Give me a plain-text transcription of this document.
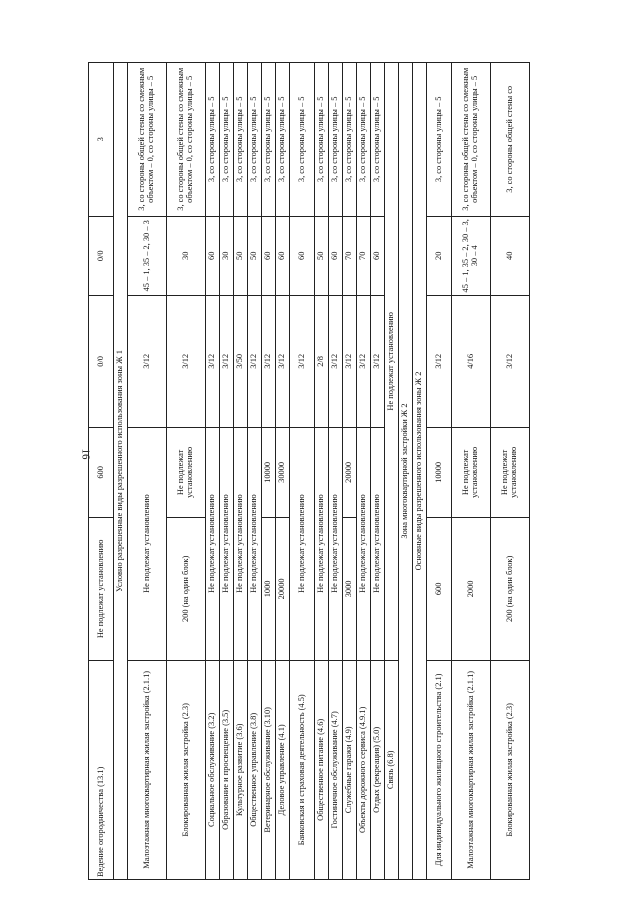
16
Ведение огородничества (13.1)	Не подлежат установлению	600	0/0	0/0	3
Условно разрешенные виды разрешенного использования зоны Ж 1					
Малоэтажная многоквартирная жилая застройка (2.1.1)	Не подлежат установлению		3/12	45 – 1, 35 – 2, 30 – 3	3, со стороны общей стены со смежным объектом – 0, со стороны улицы – 5
Блокированная жилая застройка (2.3)	200 (на один блок)	Не подлежат установлению	3/12	30	3, со стороны общей стены со смежным объектом – 0, со стороны улицы – 5
Социальное обслуживание (3.2)	Не подлежат установлению		3/12	60	3, со стороны улицы – 5
Образование и просвещение (3.5)	Не подлежат установлению		3/12	30	3, со стороны улицы – 5
Культурное развитие (3.6)	Не подлежат установлению		3/50	50	3, со стороны улицы – 5
Общественное управление (3.8)	Не подлежат установлению		3/12	50	3, со стороны улицы – 5
Ветеринарное обслуживание (3.10)	1000	10000	3/12	60	3, со стороны улицы – 5
Деловое управление (4.1)	20000	30000	3/12	60	3, со стороны улицы – 5
Банковская и страховая деятельность (4.5)	Не подлежат установлению		3/12	60	3, со стороны улицы – 5
Общественное питание (4.6)	Не подлежат установлению		2/8	50	3, со стороны улицы – 5
Гостиничное обслуживание (4.7)	Не подлежат установлению		3/12	60	3, со стороны улицы – 5
Служебные гаражи (4.9)	3000	20000	3/12	70	3, со стороны улицы – 5
Объекты дорожного сервиса (4.9.1)	Не подлежат установлению		3/12	70	3, со стороны улицы – 5
Отдых (рекреация) (5.0)	Не подлежат установлению		3/12	60	3, со стороны улицы – 5
Связь (6.8)	Не подлежат установлению				
Зона многоквартирной застройки Ж 2					
Основные виды разрешенного использования зоны Ж 2					
Для индивидуального жилищного строительства (2.1)	600	10000	3/12	20	3, со стороны улицы – 5
Малоэтажная многоквартирная жилая застройка (2.1.1)	2000	Не подлежат установлению	4/16	45 – 1, 35 – 2, 30 – 3, 30 – 4	3, со стороны общей стены со смежным объектом – 0, со стороны улицы – 5
Блокированная жилая застройка (2.3)	200 (на один блок)	Не подлежат установлению	3/12	40	3, со стороны общей стены со
